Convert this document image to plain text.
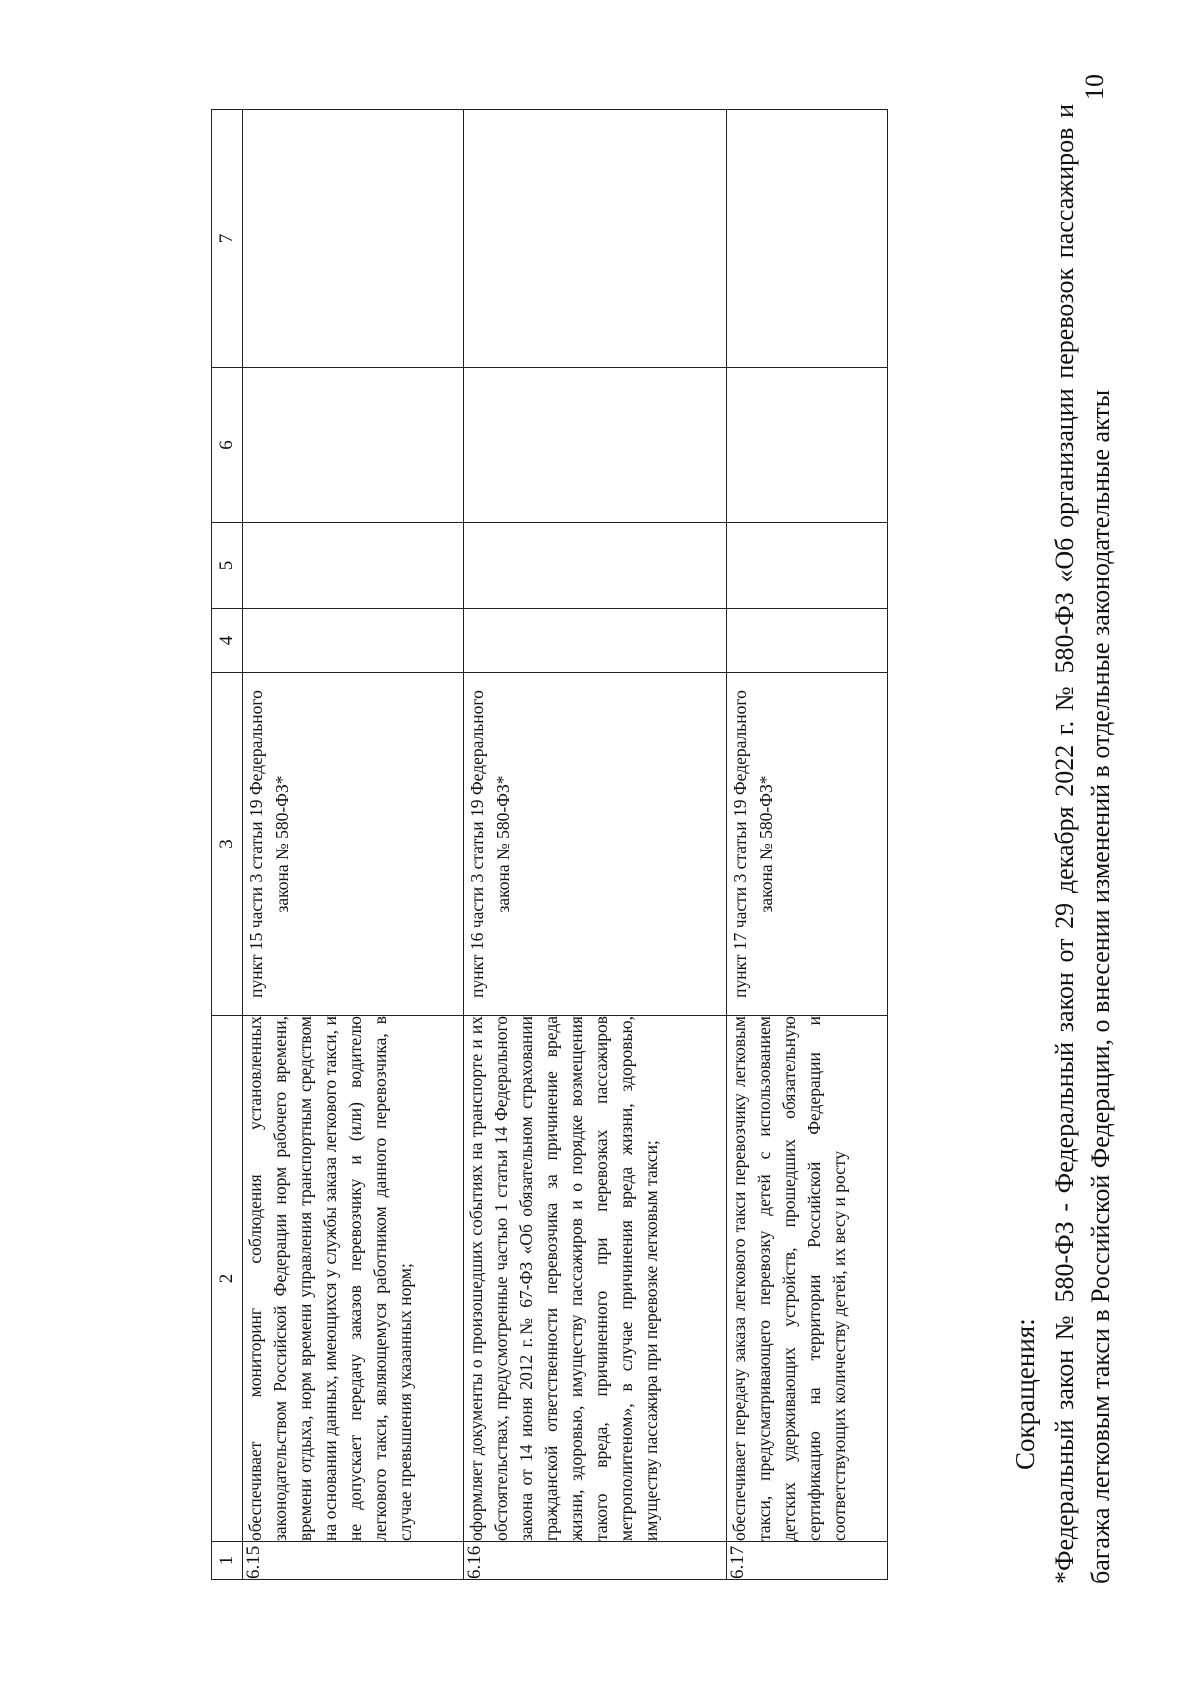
10
1	2	3	4	5	6	7
6.15	обеспечивает мониторинг соблюдения установленных законодательством Российской Федерации норм рабочего времени, времени отдыха, норм времени управления транспортным средством на основании данных, имеющихся у службы заказа легкового такси, и не допускает передачу заказов перевозчику и (или) водителю легкового такси, являющемуся работником данного перевозчика, в случае превышения указанных норм;	пункт 15 части 3 статьи 19 Федерального закона № 580-ФЗ*				
6.16	оформляет документы о произошедших событиях на транспорте и их обстоятельствах, предусмотренные частью 1 статьи 14 Федерального закона от 14 июня 2012 г.№ 67-ФЗ «Об обязательном страховании гражданской ответственности перевозчика за причинение вреда жизни, здоровью, имуществу пассажиров и о порядке возмещения такого вреда, причиненного при перевозках пассажиров метрополитеном», в случае причинения вреда жизни, здоровью, имуществу пассажира при перевозке легковым такси;	пункт 16 части 3 статьи 19 Федерального закона № 580-ФЗ*				
6.17	обеспечивает передачу заказа легкового такси перевозчику легковым такси, предусматривающего перевозку детей с использованием детских удерживающих устройств, прошедших обязательную сертификацию на территории Российской Федерации и соответствующих количеству детей, их весу и росту	пункт 17 части 3 статьи 19 Федерального закона № 580-ФЗ*				
Сокращения: *Федеральный закон № 580-ФЗ - Федеральный закон от 29 декабря 2022 г. № 580-ФЗ «Об организации перевозок пассажиров и багажа легковым такси в Российской Федерации, о внесении изменений в отдельные законодательные акты
